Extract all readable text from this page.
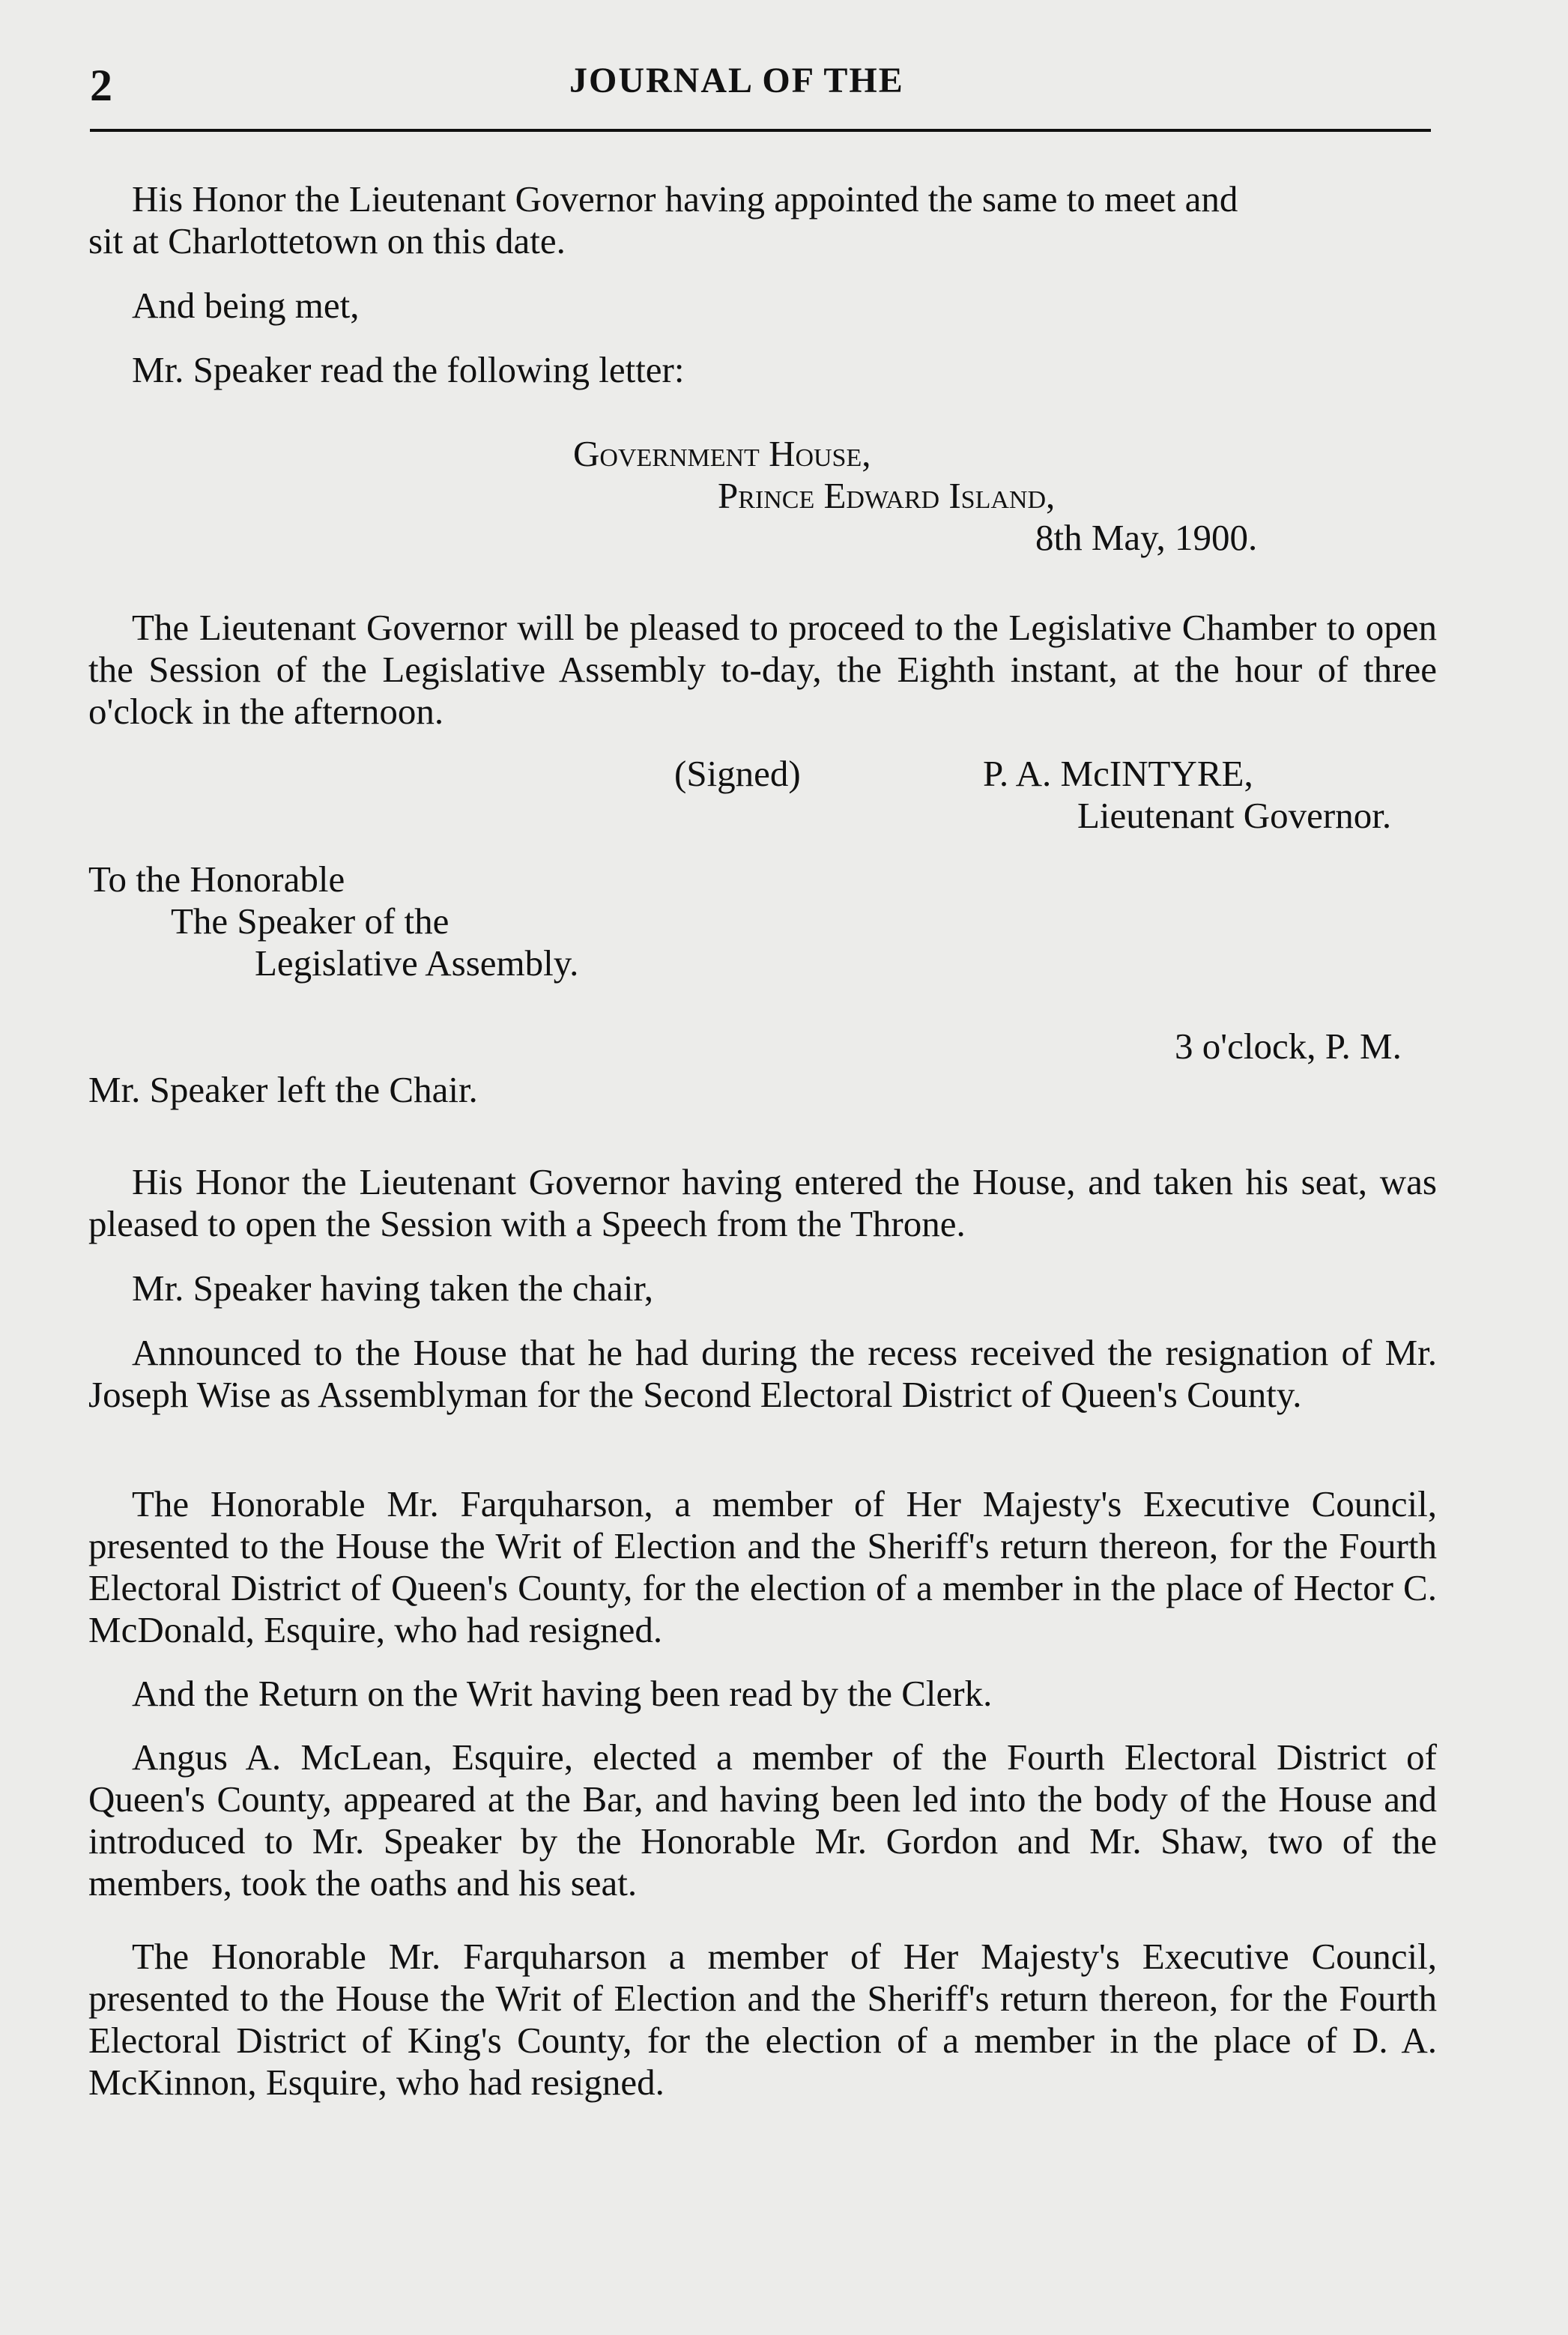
2	JOURNAL OF THE
His Honor the Lieutenant Governor having appointed the same to meet and
sit at Charlottetown on this date.
And being met,
Mr. Speaker read the following letter:
Government House,
Prince Edward Island,
8th May, 1900.
The Lieutenant Governor will be pleased to proceed to the Legislative Chamber to open the Session of the Legislative Assembly to-day, the Eighth instant, at the hour of three o'clock in the afternoon.
(Signed)	P. A. McINTYRE,
Lieutenant Governor.
To the Honorable
The Speaker of the
Legislative Assembly.
3 o'clock, P. M.
Mr. Speaker left the Chair.
His Honor the Lieutenant Governor having entered the House, and taken his seat, was pleased to open the Session with a Speech from the Throne.
Mr. Speaker having taken the chair,
Announced to the House that he had during the recess received the resignation of Mr. Joseph Wise as Assemblyman for the Second Electoral District of Queen's County.
The Honorable Mr. Farquharson, a member of Her Majesty's Executive Council, presented to the House the Writ of Election and the Sheriff's return thereon, for the Fourth Electoral District of Queen's County, for the election of a member in the place of Hector C. McDonald, Esquire, who had resigned.
And the Return on the Writ having been read by the Clerk.
Angus A. McLean, Esquire, elected a member of the Fourth Electoral District of Queen's County, appeared at the Bar, and having been led into the body of the House and introduced to Mr. Speaker by the Honorable Mr. Gordon and Mr. Shaw, two of the members, took the oaths and his seat.
The Honorable Mr. Farquharson a member of Her Majesty's Executive Council, presented to the House the Writ of Election and the Sheriff's return thereon, for the Fourth Electoral District of King's County, for the election of a member in the place of D. A. McKinnon, Esquire, who had resigned.
